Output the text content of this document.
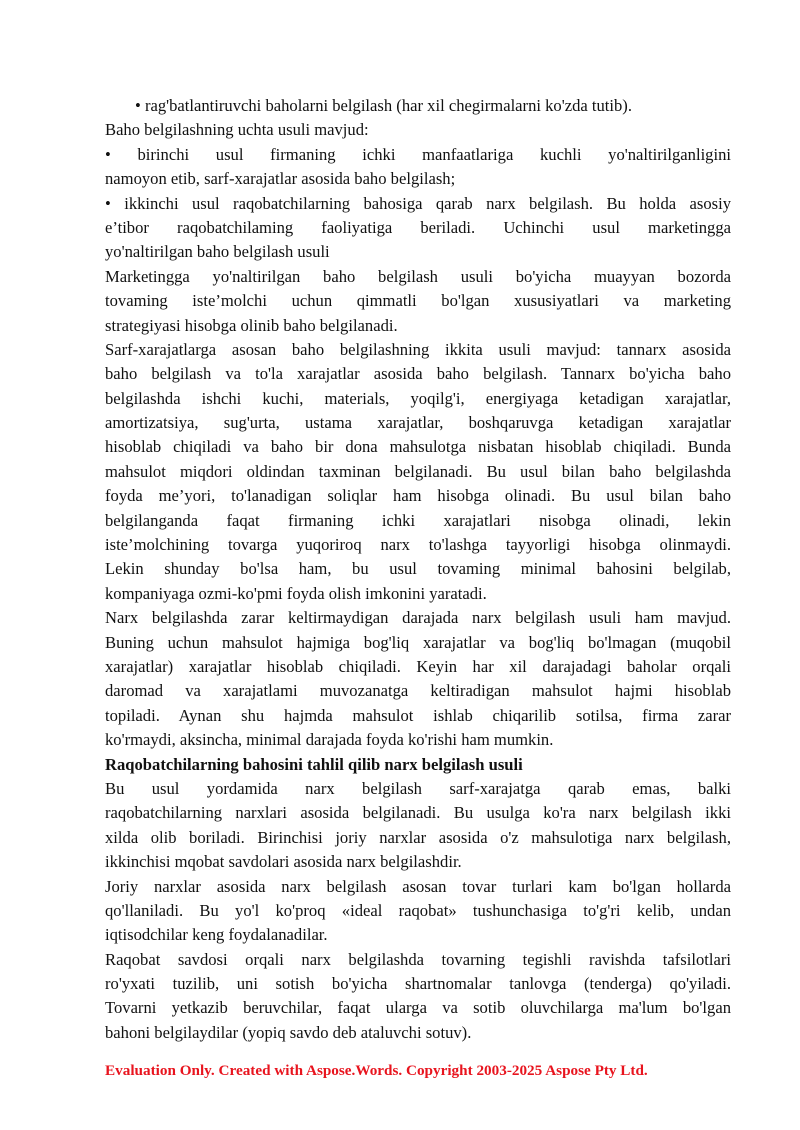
• rag'batlantiruvchi baholarni belgilash (har xil chegirmalarni ko'zda tutib).
Baho belgilashning uchta usuli mavjud:
• birinchi usul firmaning ichki manfaatlariga kuchli yo'naltirilganligini
namoyon etib, sarf-xarajatlar asosida baho belgilash;
• ikkinchi usul raqobatchilarning bahosiga qarab narx belgilash. Bu holda asosiy
e’tibor raqobatchilaming faoliyatiga beriladi. Uchinchi usul marketingga
yo'naltirilgan baho belgilash usuli
Marketingga yo'naltirilgan baho belgilash usuli bo'yicha muayyan bozorda
tovaming iste’molchi uchun qimmatli bo'lgan xususiyatlari va marketing
strategiyasi hisobga olinib baho belgilanadi.
Sarf-xarajatlarga asosan baho belgilashning ikkita usuli mavjud: tannarx asosida
baho belgilash va to'la xarajatlar asosida baho belgilash. Tannarx bo'yicha baho
belgilashda ishchi kuchi, materials, yoqilg'i, energiyaga ketadigan xarajatlar,
amortizatsiya, sug'urta, ustama xarajatlar, boshqaruvga ketadigan xarajatlar
hisoblab chiqiladi va baho bir dona mahsulotga nisbatan hisoblab chiqiladi. Bunda
mahsulot miqdori oldindan taxminan belgilanadi. Bu usul bilan baho belgilashda
foyda me’yori, to'lanadigan soliqlar ham hisobga olinadi. Bu usul bilan baho
belgilanganda faqat firmaning ichki xarajatlari nisobga olinadi, lekin
iste’molchining tovarga yuqoriroq narx to'lashga tayyorligi hisobga olinmaydi.
Lekin shunday bo'lsa ham, bu usul tovaming minimal bahosini belgilab,
kompaniyaga ozmi-ko'pmi foyda olish imkonini yaratadi.
Narx belgilashda zarar keltirmaydigan darajada narx belgilash usuli ham mavjud.
Buning uchun mahsulot hajmiga bog'liq xarajatlar va bog'liq bo'lmagan (muqobil
xarajatlar) xarajatlar hisoblab chiqiladi. Keyin har xil darajadagi baholar orqali
daromad va xarajatlami muvozanatga keltiradigan mahsulot hajmi hisoblab
topiladi. Aynan shu hajmda mahsulot ishlab chiqarilib sotilsa, firma zarar
ko'rmaydi, aksincha, minimal darajada foyda ko'rishi ham mumkin.
Raqobatchilarning bahosini tahlil qilib narx belgilash usuli
Bu usul yordamida narx belgilash sarf-xarajatga qarab emas, balki
raqobatchilarning narxlari asosida belgilanadi. Bu usulga ko'ra narx belgilash ikki
xilda olib boriladi. Birinchisi joriy narxlar asosida o'z mahsulotiga narx belgilash,
ikkinchisi mqobat savdolari asosida narx belgilashdir.
Joriy narxlar asosida narx belgilash asosan tovar turlari kam bo'lgan hollarda
qo'llaniladi. Bu yo'l ko'proq «ideal raqobat» tushunchasiga to'g'ri kelib, undan
iqtisodchilar keng foydalanadilar.
Raqobat savdosi orqali narx belgilashda tovarning tegishli ravishda tafsilotlari
ro'yxati tuzilib, uni sotish bo'yicha shartnomalar tanlovga (tenderga) qo'yiladi.
Tovarni yetkazib beruvchilar, faqat ularga va sotib oluvchilarga ma'lum bo'lgan
bahoni belgilaydilar (yopiq savdo deb ataluvchi sotuv).
Evaluation Only. Created with Aspose.Words. Copyright 2003-2025 Aspose Pty Ltd.
